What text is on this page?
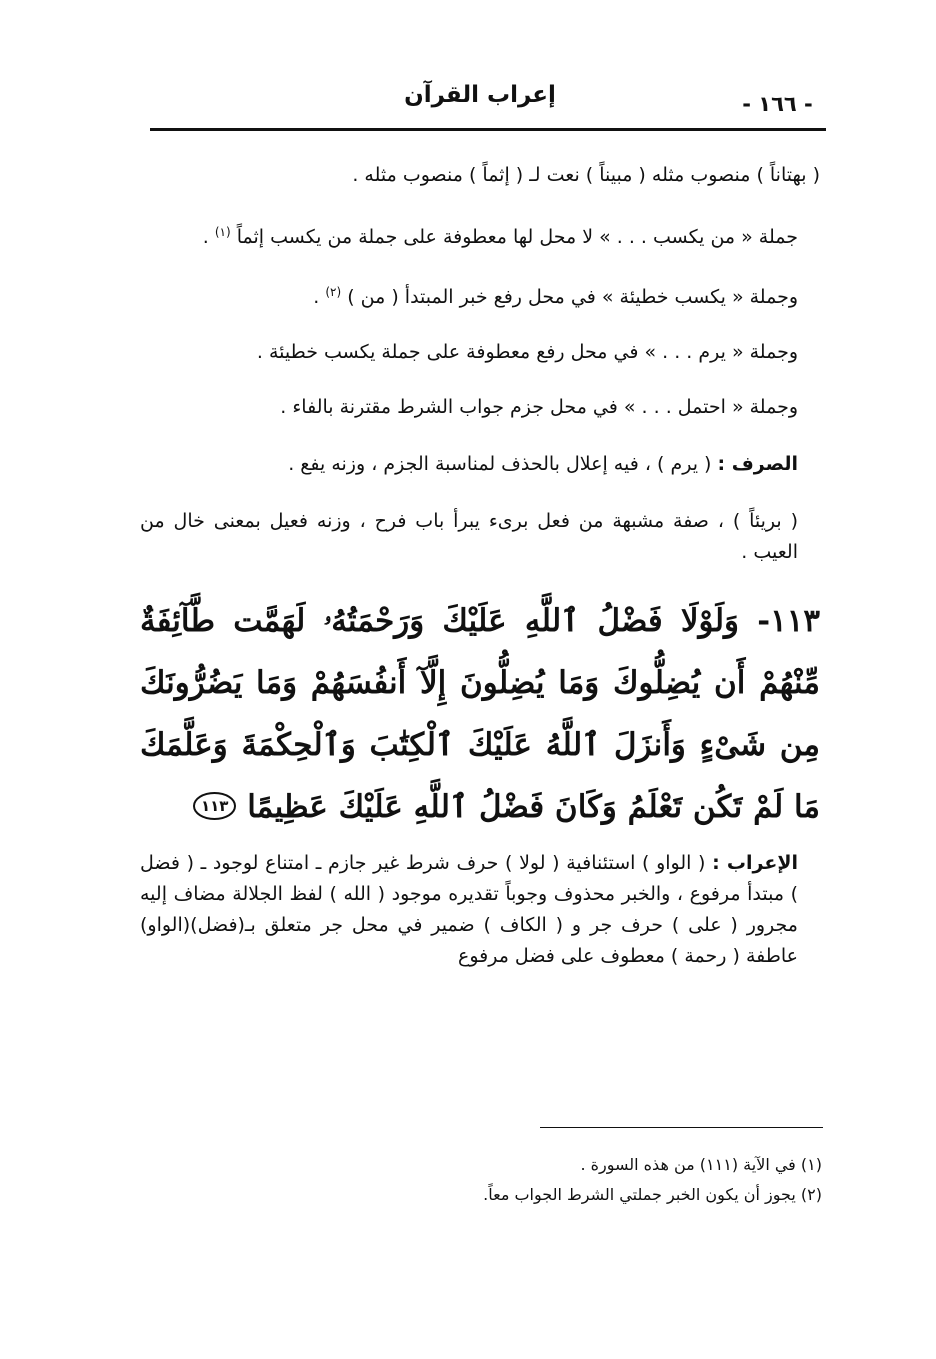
إعراب القرآن	- ١٦٦ -

( بهتاناً ) منصوب مثله ( مبيناً ) نعت لـ ( إثماً ) منصوب مثله .

جملة « من يكسب . . . » لا محل لها معطوفة على جملة من يكسب إثماً $^{(١)}$ .

وجملة « يكسب خطيئة » في محل رفع خبر المبتدأ ( من ) $^{(٢)}$ .

وجملة « يرم . . . » في محل رفع معطوفة على جملة يكسب خطيئة .

وجملة « احتمل . . . » في محل جزم جواب الشرط مقترنة بالفاء .

الصرف : ( يرم ) ، فيه إعلال بالحذف لمناسبة الجزم ، وزنه يفع .

( بريئاً ) ، صفة مشبهة من فعل برىء يبرأ باب فرح ، وزنه فعيل بمعنى خال من العيب .

١١٣- وَلَوْلَا فَضْلُ ٱللَّهِ عَلَيْكَ وَرَحْمَتُهُۥ لَهَمَّت طَّآئِفَةٌ مِّنْهُمْ أَن يُضِلُّوكَ وَمَا يُضِلُّونَ إِلَّآ أَنفُسَهُمْ وَمَا يَضُرُّونَكَ مِن شَىْءٍ وَأَنزَلَ ٱللَّهُ عَلَيْكَ ٱلْكِتَٰبَ وَٱلْحِكْمَةَ وَعَلَّمَكَ مَا لَمْ تَكُن تَعْلَمُ وَكَانَ فَضْلُ ٱللَّهِ عَلَيْكَ عَظِيمًا ١١٣

الإعراب : ( الواو ) استئنافية ( لولا ) حرف شرط غير جازم ـ امتناع لوجود ـ ( فضل ) مبتدأ مرفوع ، والخبر محذوف وجوباً تقديره موجود ( الله ) لفظ الجلالة مضاف إليه مجرور ( على ) حرف جر و ( الكاف ) ضمير في محل جر متعلق بـ(فضل)(الواو) عاطفة ( رحمة ) معطوف على فضل مرفوع

(١) في الآية (١١١) من هذه السورة .
(٢) يجوز أن يكون الخبر جملتي الشرط الجواب معاً.
